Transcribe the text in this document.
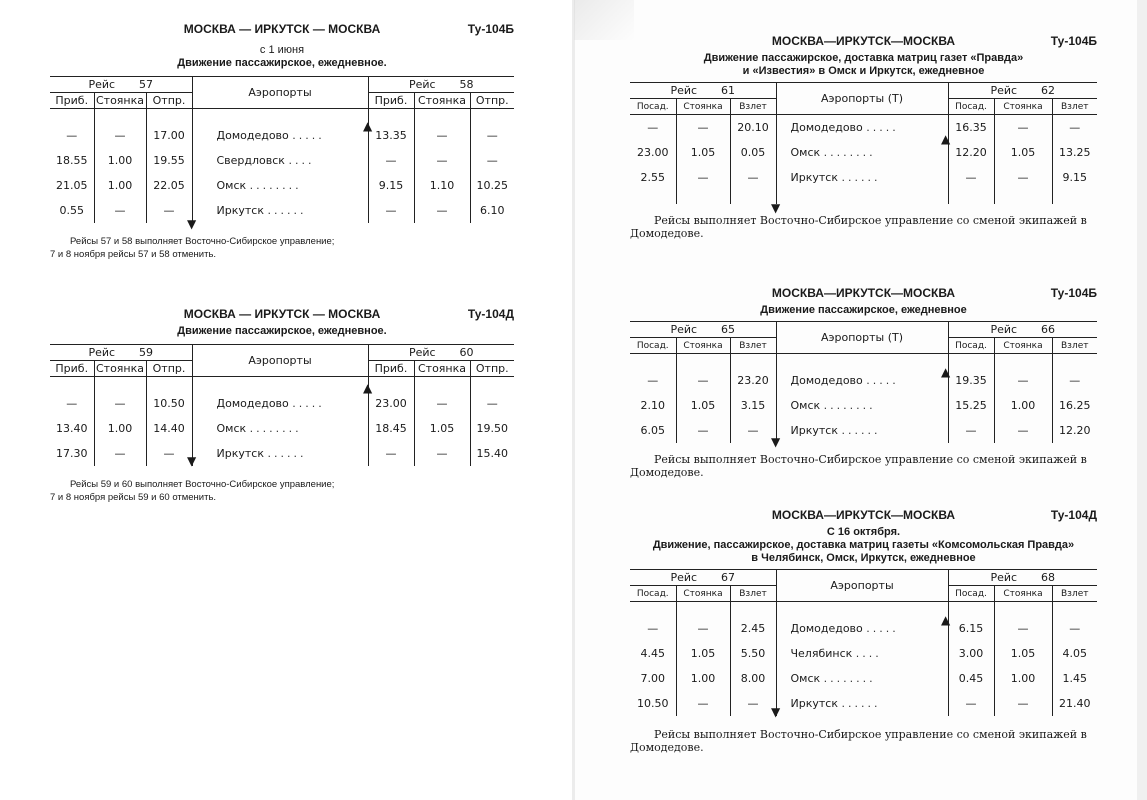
МОСКВА — ИРКУТСК — МОСКВА	Ту-104Б
с 1 июня
Движение пассажирское, ежедневное.
Рейс 57			Аэропорты	Рейс 58		
Приб.	Стоянка	Отпр.		Приб.	Стоянка	Отпр.

—	—	17.00	Домодедово .....	13.35	—	—
18.55	1.00	19.55	Свердловск ....	—	—	—
21.05	1.00	22.05	Омск ........	9.15	1.10	10.25
0.55	—	—	Иркутск ......	—	—	6.10
Рейсы 57 и 58 выполняет Восточно-Сибирское управление;
7 и 8 ноября рейсы 57 и 58 отменить.
▼
▲
МОСКВА — ИРКУТСК — МОСКВА	Ту-104Д
Движение пассажирское, ежедневное.
Рейс 59			Аэропорты	Рейс 60		
Приб.	Стоянка	Отпр.		Приб.	Стоянка	Отпр.

—	—	10.50	Домодедово .....	23.00	—	—
13.40	1.00	14.40	Омск ........	18.45	1.05	19.50
17.30	—	—	Иркутск ......	—	—	15.40
Рейсы 59 и 60 выполняет Восточно-Сибирское управление;
7 и 8 ноября рейсы 59 и 60 отменить.
▼
▲
МОСКВА—ИРКУТСК—МОСКВА	Ту-104Б
Движение пассажирское, доставка матриц газет «Правда»
и «Известия» в Омск и Иркутск, ежедневное
Рейс 61			Аэропорты (Т)	Рейс 62		
Посад.	Стоянка	Взлет		Посад.	Стоянка	Взлет
—	—	20.10	Домодедово .....	16.35	—	—
23.00	1.05	0.05	Омск ........	12.20	1.05	13.25
2.55	—	—	Иркутск ......	—	—	9.15

Рейсы выполняет Восточно-Сибирское управление со сменой экипажей в Домодедове.
▼
▲
МОСКВА—ИРКУТСК—МОСКВА	Ту-104Б
Движение пассажирское, ежедневное
Рейс 65			Аэропорты (Т)	Рейс 66		
Посад.	Стоянка	Взлет		Посад.	Стоянка	Взлет

—	—	23.20	Домодедово .....	19.35	—	—
2.10	1.05	3.15	Омск ........	15.25	1.00	16.25
6.05	—	—	Иркутск ......	—	—	12.20
Рейсы выполняет Восточно-Сибирское управление со сменой экипажей в Домодедове.
▼
▲
МОСКВА—ИРКУТСК—МОСКВА	Ту-104Д
С 16 октября.
Движение, пассажирское, доставка матриц газеты «Комсомольская Правда»
в Челябинск, Омск, Иркутск, ежедневное
Рейс 67			Аэропорты	Рейс 68		
Посад.	Стоянка	Взлет		Посад.	Стоянка	Взлет

—	—	2.45	Домодедово .....	6.15	—	—
4.45	1.05	5.50	Челябинск ....	3.00	1.05	4.05
7.00	1.00	8.00	Омск ........	0.45	1.00	1.45
10.50	—	—	Иркутск ......	—	—	21.40
Рейсы выполняет Восточно-Сибирское управление со сменой экипажей в Домодедове.
▼
▲
